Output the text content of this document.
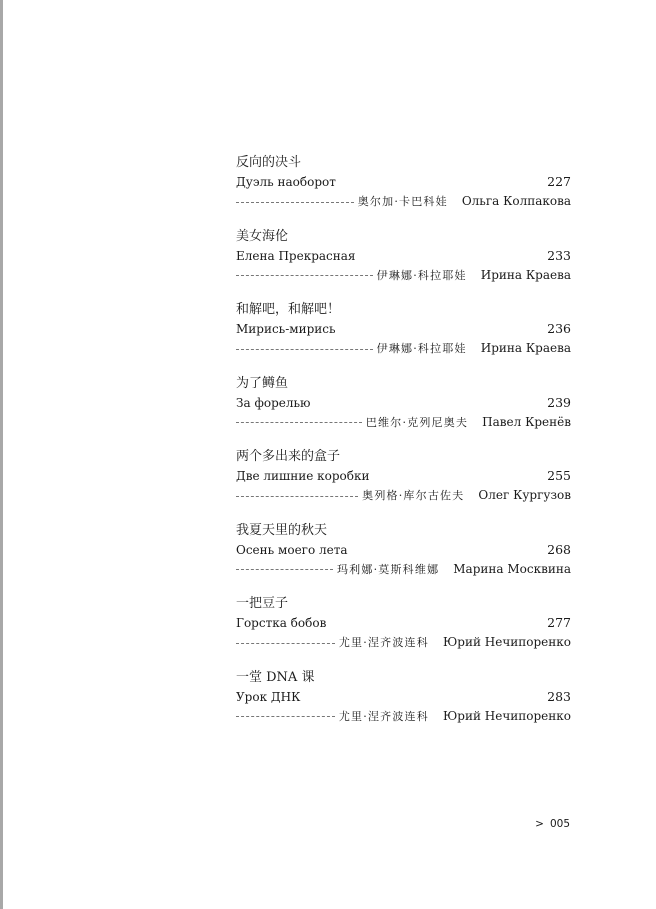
反向的决斗
Дуэль наоборот	227
奥尔加·卡巴科娃 Ольга Колпакова
美女海伦
Елена Прекрасная	233
伊琳娜·科拉耶娃 Ирина Краева
和解吧，和解吧！
Мирись-мирись	236
伊琳娜·科拉耶娃 Ирина Краева
为了鳟鱼
За форелью	239
巴维尔·克列尼奥夫 Павел Кренёв
两个多出来的盒子
Две лишние коробки	255
奥列格·库尔古佐夫 Олег Кургузов
我夏天里的秋天
Осень моего лета	268
玛利娜·莫斯科维娜 Марина Москвина
一把豆子
Горстка бобов	277
尤里·涅齐波连科 Юрий Нечипоренко
一堂 DNA 课
Урок ДНК	283
尤里·涅齐波连科 Юрий Нечипоренко
> 005
